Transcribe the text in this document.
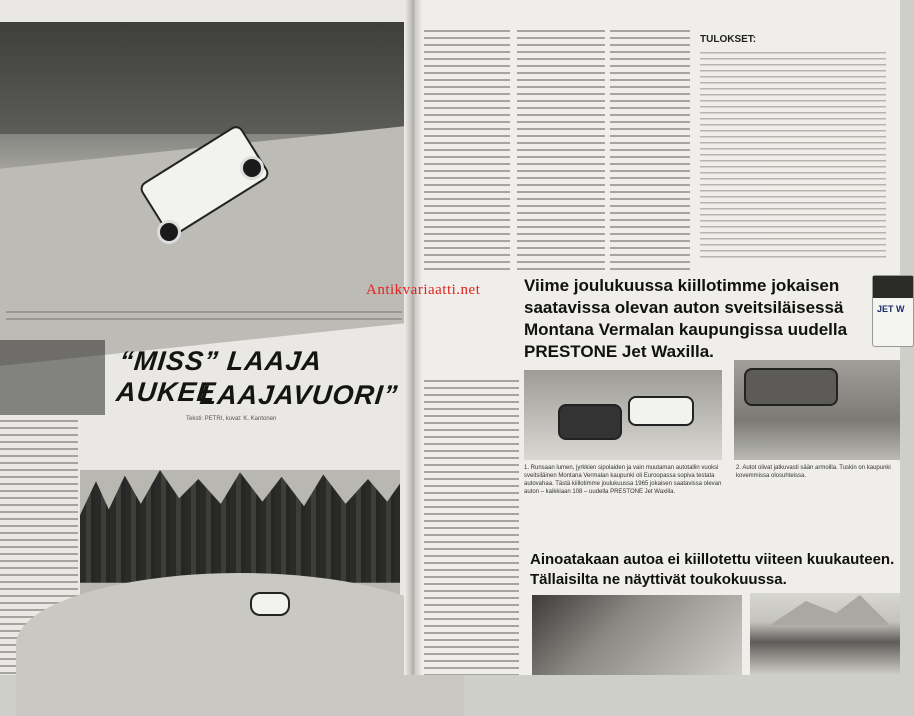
“MISS” LAAJA AUKEE
LAAJAVUORI”
Teksti: PETRI, kuvat: K. Kantonen
TULOKSET:
Viime joulukuussa kiillotimme jokaisen
saatavissa olevan auton sveitsiläisessä
Montana Vermalan kaupungissa uudella
PRESTONE Jet Waxilla.
JET W
1. Runsaan lumen, jyrkkien sipolaiden ja vain muutaman autotallin vuoksi sveitsiläinen Montana Vermalan kaupunki oli Euroopassa sopiva testata autovahaa. Tästä kiillotimme joulukuussa 1965 jokaisen saatavissa olevan auton – kaikkiaan 108 – uudella PRESTONE Jet Waxilla.
2. Autot olivat jatkuvasti sään armoilla. Tuskin on kaupunki kovemmissa olosuhteissa.
Ainoatakaan autoa ei kiillotettu viiteen kuukauteen.
Tällaisilta ne näyttivät toukokuussa.
Antikvariaatti.net
